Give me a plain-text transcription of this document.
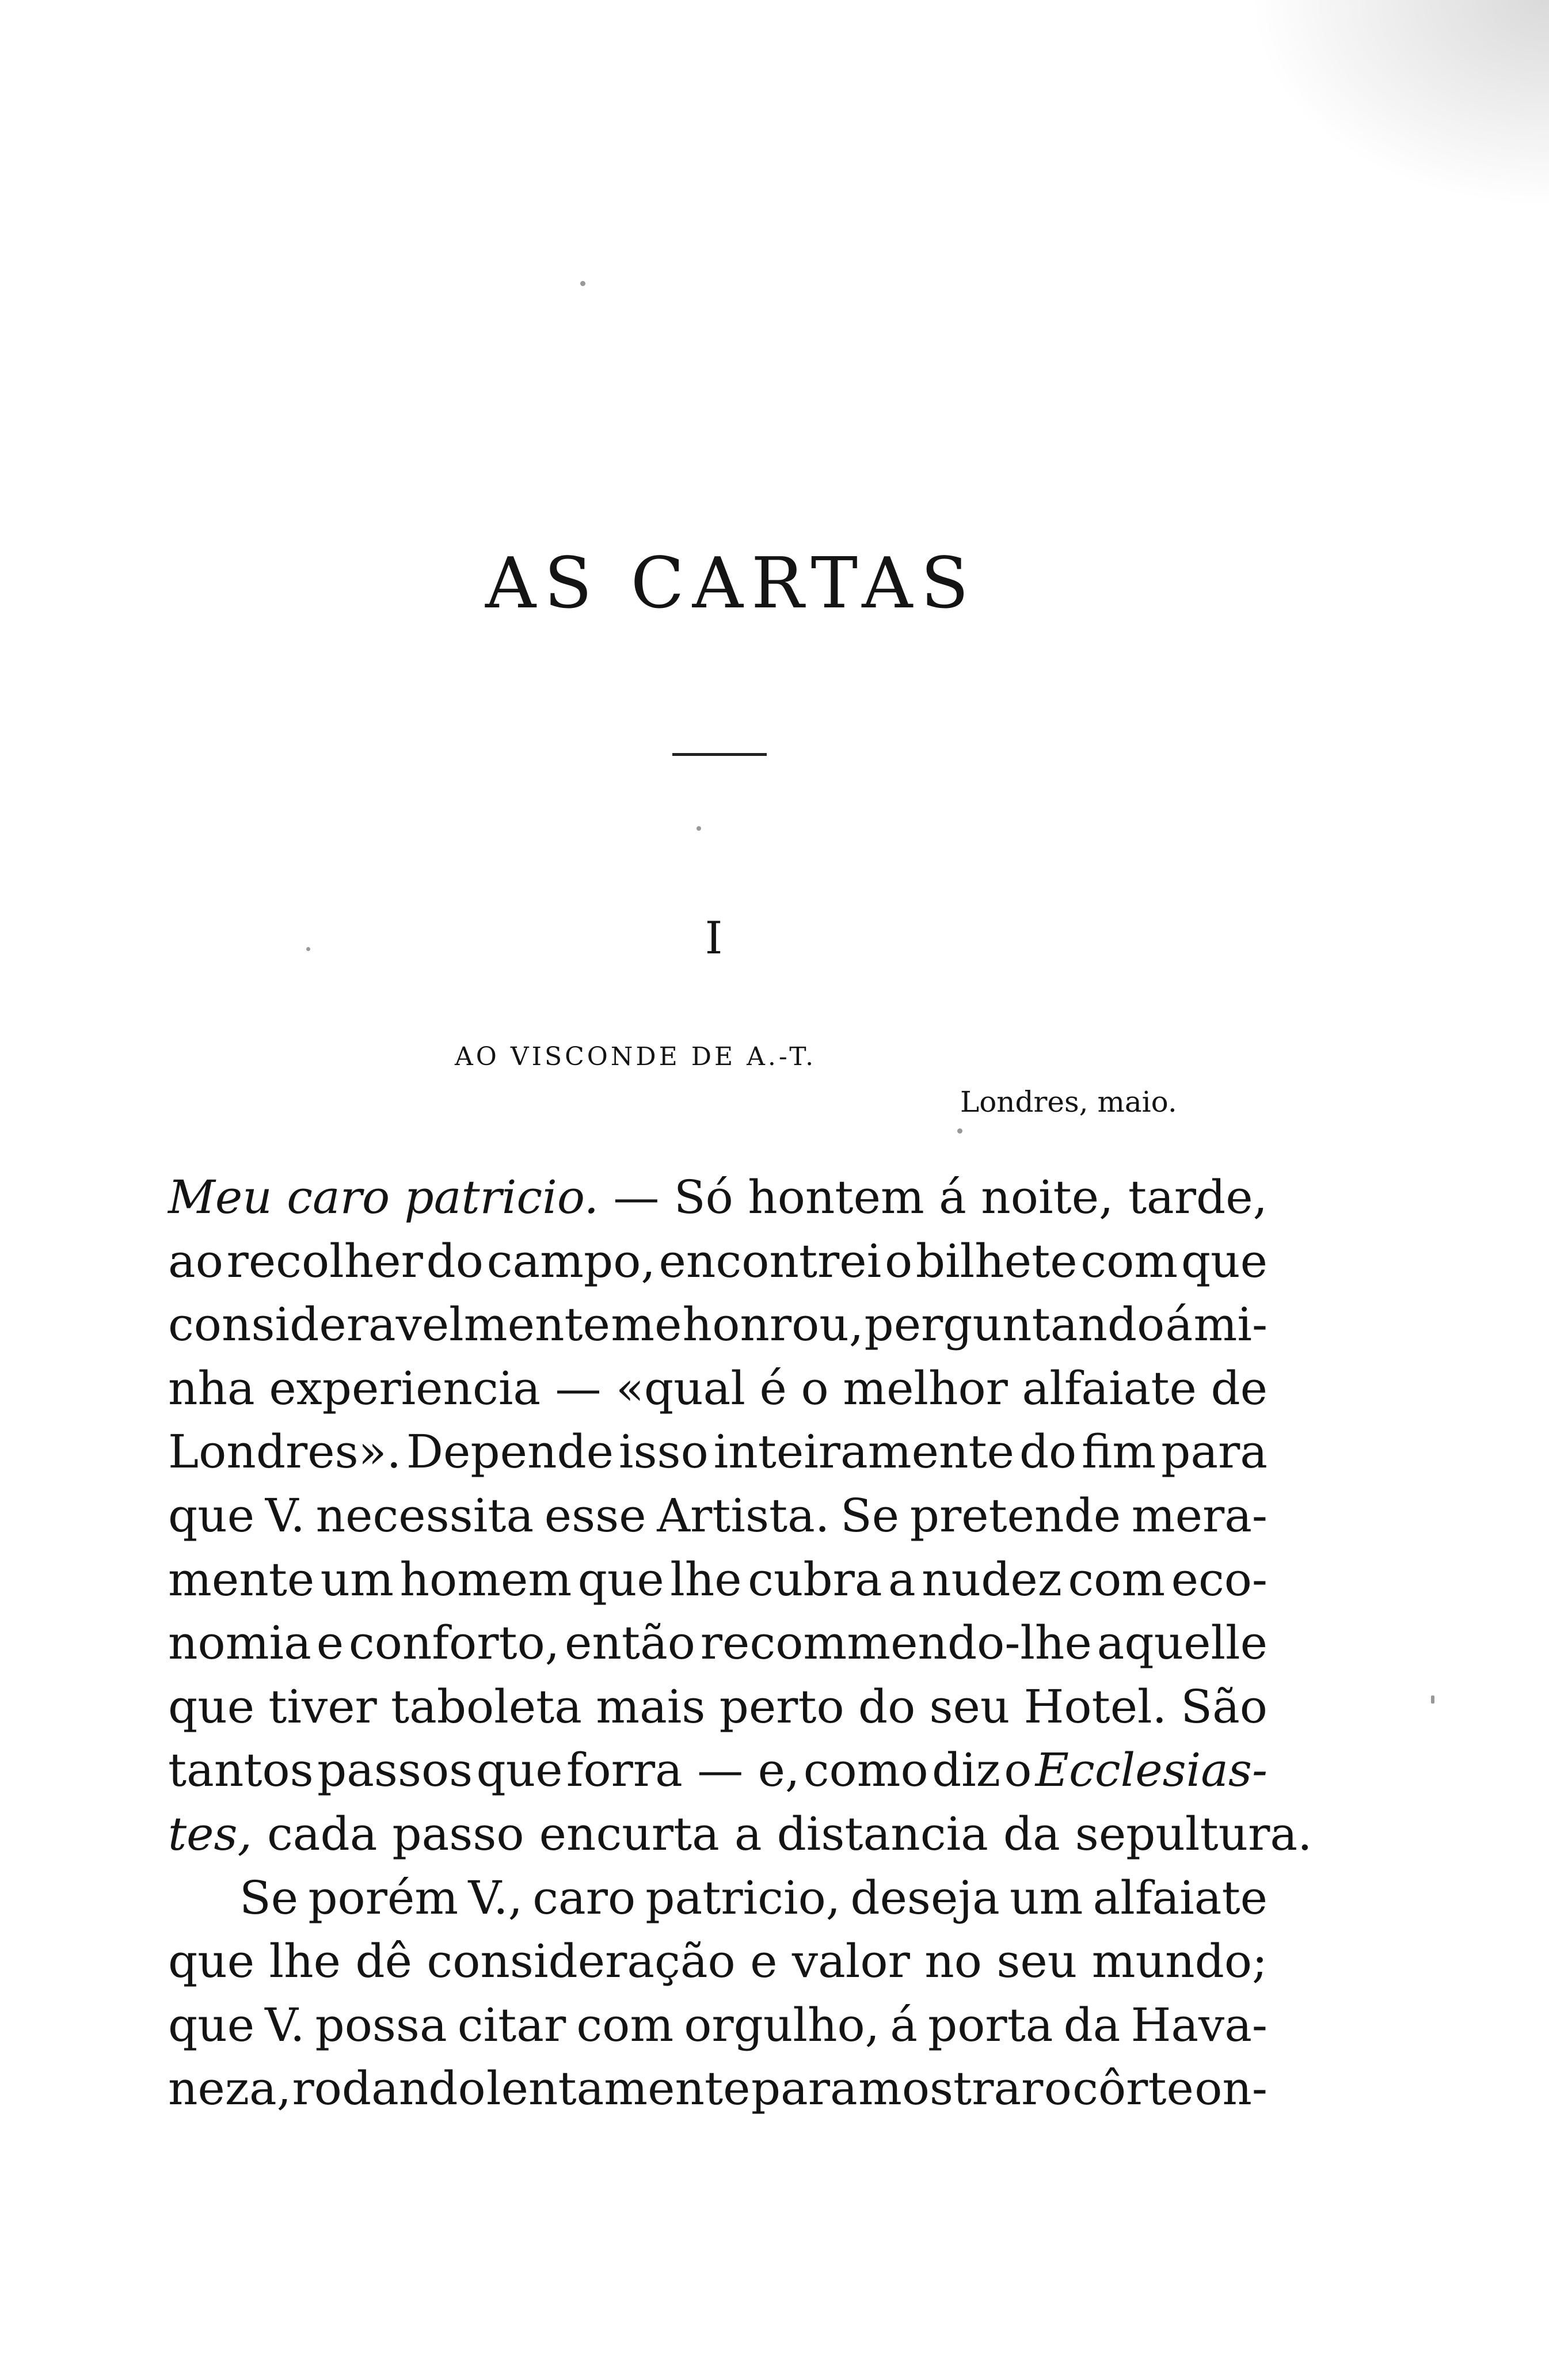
AS CARTAS
I
AO VISCONDE DE A.-T.
Londres, maio.
Meu caro patricio. — Só hontem á noite, tarde,
ao recolher do campo, encontrei o bilhete com que
consideravelmente me honrou, perguntando á mi-
nha experiencia — «qual é o melhor alfaiate de
Londres». Depende isso inteiramente do fim para
que V. necessita esse Artista. Se pretende mera-
mente um homem que lhe cubra a nudez com eco-
nomia e conforto, então recommendo-lhe aquelle
que tiver taboleta mais perto do seu Hotel. São
tantos passos que forra — e, como diz o Ecclesias-
tes, cada passo encurta a distancia da sepultura.
Se porém V., caro patricio, deseja um alfaiate
que lhe dê consideração e valor no seu mundo;
que V. possa citar com orgulho, á porta da Hava-
neza, rodando lentamente para mostrar o côrte on-
